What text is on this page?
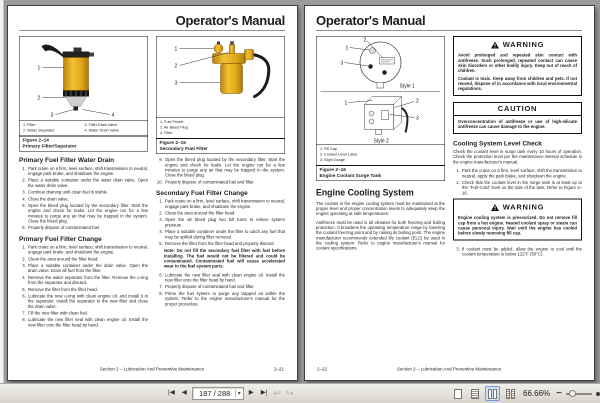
Operator's Manual
1
2
3	4
1. Filter	3. Filter Drain Valve
2. Water Separator	4. Water Drain Valve
Figure 2–14
Primary Filter/Separator
Primary Fuel Filter Water Drain
1. Park crane on a firm, level surface, shift transmission to neutral, engage park brake, and shutdown the engine.
2. Place a suitable container under the water drain valve. Open the water drain valve.
3. Continue draining until clean fuel is visible.
4. Close the drain valve.
5. Open the bleed plug located by the secondary filter. Start the engine and check for leaks. Let the engine run for a few minutes to purge any air that may be trapped in the system. Close the bleed plug.
6. Properly dispose of contaminated fuel.
Primary Fuel Filter Change
1. Park crane on a firm, level surface, shift transmission to neutral, engage park brake, and shutdown the engine.
2. Clean the area around the filter head.
3. Place a suitable container under the drain valve. Open the drain valve. Drain all fuel from the filter.
4. Remove the water separator from the filter. Remove the o-ring from the separator and discard.
5. Remove the filter from the filter head.
6. Lubricate the new o-ring with clean engine oil, and install it in the separator. Install the separator to the new filter and close the drain valve.
7. Fill the new filter with clean fuel.
8. Lubricate the new filter seal with clean engine oil. Install the new filter onto the filter head by hand.
1
2
3
1. Fuel Primer
2. Air Bleed Plug
3. Filter
Figure 2–15
Secondary Fuel Filter
9. Open the bleed plug located by the secondary filter. Start the engine and check for leaks. Let the engine run for a few minutes to purge any air that may be trapped in the system. Close the bleed plug.
10. Properly dispose of contaminated fuel and filter.
Secondary Fuel Filter Change
1. Park crane on a firm, level surface, shift transmission to neutral, engage park brake, and shutdown the engine.
2. Clean the area around the filter head.
3. Open the air bleed plug two full turns to relieve system pressure.
4. Place a suitable container under the filter to catch any fuel that may be spilled during filter removal.
5. Remove the filter from the filter head and properly discard.

Note: Do not fill the secondary fuel filter with fuel before installing. The fuel would not be filtered and could be contaminated. Contaminated fuel will cause accelerated wear to the fuel system parts.

6. Lubricate the new filter seal with clean engine oil. Install the new filter onto the filter head by hand.
7. Properly dispose of contaminated fuel and filter.
8. Prime the fuel system to purge any trapped air within the system. Refer to the engine manufacturer's manual for the proper procedure.
Section 2 – Lubrication And Preventive Maintenance	2–21
Operator's Manual
1
2
3
Style 1
1	2
3
Style 2
1. Fill Cap
2. Coolant Level Label
3. Sight Gauge
Figure 2–16
Engine Coolant Surge Tank
Engine Cooling System

The coolant in the engine cooling system must be maintained at the proper level and proper concentration levels to adequately keep the engine operating at safe temperatures.

Antifreeze must be used in all climates for both freezing and boiling protection. It broadens the operating temperature range by lowering the coolant freezing point and by raising its boiling point. The engine manufacturer recommends extended life coolant (ELC) be used in the cooling system. Refer to engine manufacturer's manual for coolant specifications.

WARNING

Avoid prolonged and repeated skin contact with antifreeze. Such prolonged, repeated contact can cause skin disorders or other bodily injury. Keep out of reach of children.

Coolant is toxic. Keep away from children and pets. If not reused, dispose of in accordance with local environmental regulations.

CAUTION

Overconcentration of antifreeze or use of high-silicate antifreeze can cause damage to the engine.

Cooling System Level Check

Check the coolant level in surge tank every 10 hours of operation. Check the protection level per the maintenance interval schedule in the engine manufacturer's manual.

1. Park the crane on a firm, level surface, shift the transmission to neutral, apply the park brake, and shutdown the engine.
2. Check that the coolant level in the surge tank is at least up to the “Full–Cold” level on the side of the tank. Refer to Figure 2–16.
WARNING

Engine cooling system is pressurized. Do not remove fill cap from a hot engine. Heated coolant spray or steam can cause personal injury. Wait until the engine has cooled before slowly removing fill cap.

3. If coolant must be added, allow the engine to cool until the coolant temperature is below 122°F (50°C).
2–22	Section 2 – Lubrication And Preventive Maintenance
|◀	◀	187 / 288	▾	▶	▶| ↩ ↪	66.66% −
